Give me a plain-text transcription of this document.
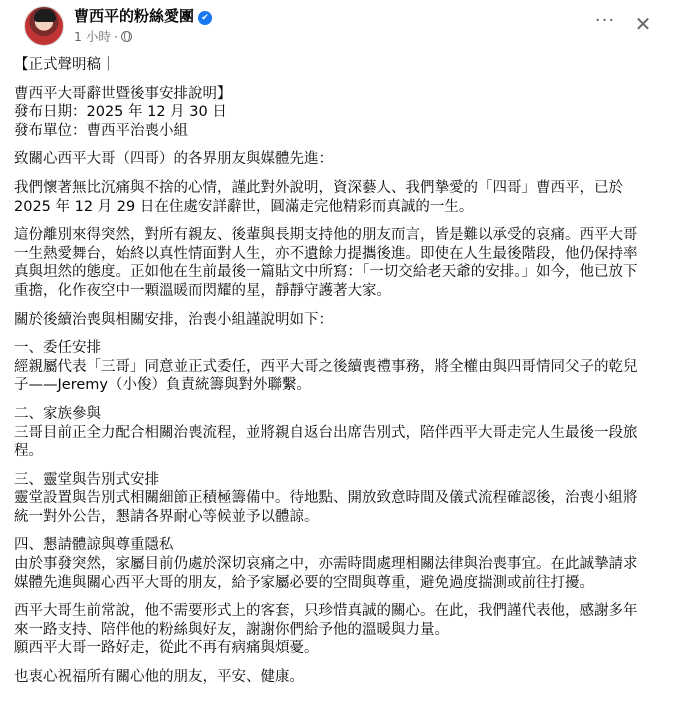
曹西平的粉絲愛團 ✔
1 小時 ·
··· ✕

【正式聲明稿｜

曹西平大哥辭世暨後事安排說明】
發布日期：2025 年 12 月 30 日
發布單位：曹西平治喪小組

致關心西平大哥（四哥）的各界朋友與媒體先進：

我們懷著無比沉痛與不捨的心情，謹此對外說明，資深藝人、我們摯愛的「四哥」曹西平，已於
2025 年 12 月 29 日在住處安詳辭世，圓滿走完他精彩而真誠的一生。

這份離別來得突然，對所有親友、後輩與長期支持他的朋友而言，皆是難以承受的哀痛。西平大哥
一生熱愛舞台，始終以真性情面對人生，亦不遺餘力提攜後進。即使在人生最後階段，他仍保持率
真與坦然的態度。正如他在生前最後一篇貼文中所寫：「一切交給老天爺的安排。」如今，他已放下
重擔，化作夜空中一顆溫暖而閃耀的星，靜靜守護著大家。

關於後續治喪與相關安排，治喪小組謹說明如下：

一、委任安排
經親屬代表「三哥」同意並正式委任，西平大哥之後續喪禮事務，將全權由與四哥情同父子的乾兒
子——Jeremy（小俊）負責統籌與對外聯繫。

二、家族參與
三哥目前正全力配合相關治喪流程，並將親自返台出席告別式，陪伴西平大哥走完人生最後一段旅
程。

三、靈堂與告別式安排
靈堂設置與告別式相關細節正積極籌備中。待地點、開放致意時間及儀式流程確認後，治喪小組將
統一對外公告，懇請各界耐心等候並予以體諒。

四、懇請體諒與尊重隱私
由於事發突然，家屬目前仍處於深切哀痛之中，亦需時間處理相關法律與治喪事宜。在此誠摯請求
媒體先進與關心西平大哥的朋友，給予家屬必要的空間與尊重，避免過度揣測或前往打擾。

西平大哥生前常說，他不需要形式上的客套，只珍惜真誠的關心。在此，我們謹代表他，感謝多年
來一路支持、陪伴他的粉絲與好友，謝謝你們給予他的溫暖與力量。
願西平大哥一路好走，從此不再有病痛與煩憂。

也衷心祝福所有關心他的朋友，平安、健康。
